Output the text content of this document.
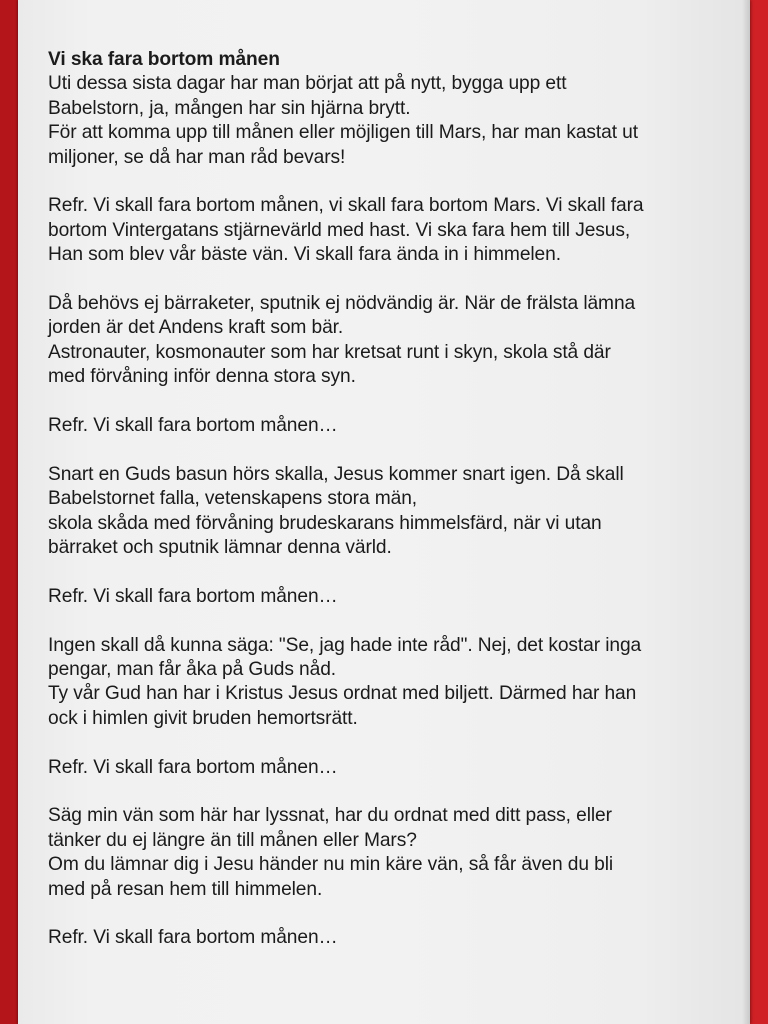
Vi ska fara bortom månen
Uti dessa sista dagar har man börjat att på nytt, bygga upp ett
Babelstorn, ja, mången har sin hjärna brytt.
För att komma upp till månen eller möjligen till Mars, har man kastat ut
miljoner, se då har man råd bevars!
Refr. Vi skall fara bortom månen, vi skall fara bortom Mars. Vi skall fara
bortom Vintergatans stjärnevärld med hast. Vi ska fara hem till Jesus,
Han som blev vår bäste vän. Vi skall fara ända in i himmelen.
Då behövs ej bärraketer, sputnik ej nödvändig är. När de frälsta lämna
jorden är det Andens kraft som bär.
Astronauter, kosmonauter som har kretsat runt i skyn, skola stå där
med förvåning inför denna stora syn.
Refr. Vi skall fara bortom månen…
Snart en Guds basun hörs skalla, Jesus kommer snart igen. Då skall
Babelstornet falla, vetenskapens stora män,
skola skåda med förvåning brudeskarans himmelsfärd, när vi utan
bärraket och sputnik lämnar denna värld.
Refr. Vi skall fara bortom månen…
Ingen skall då kunna säga: "Se, jag hade inte råd". Nej, det kostar inga
pengar, man får åka på Guds nåd.
Ty vår Gud han har i Kristus Jesus ordnat med biljett. Därmed har han
ock i himlen givit bruden hemortsrätt.
Refr. Vi skall fara bortom månen…
Säg min vän som här har lyssnat, har du ordnat med ditt pass, eller
tänker du ej längre än till månen eller Mars?
Om du lämnar dig i Jesu händer nu min käre vän, så får även du bli
med på resan hem till himmelen.
Refr. Vi skall fara bortom månen…
